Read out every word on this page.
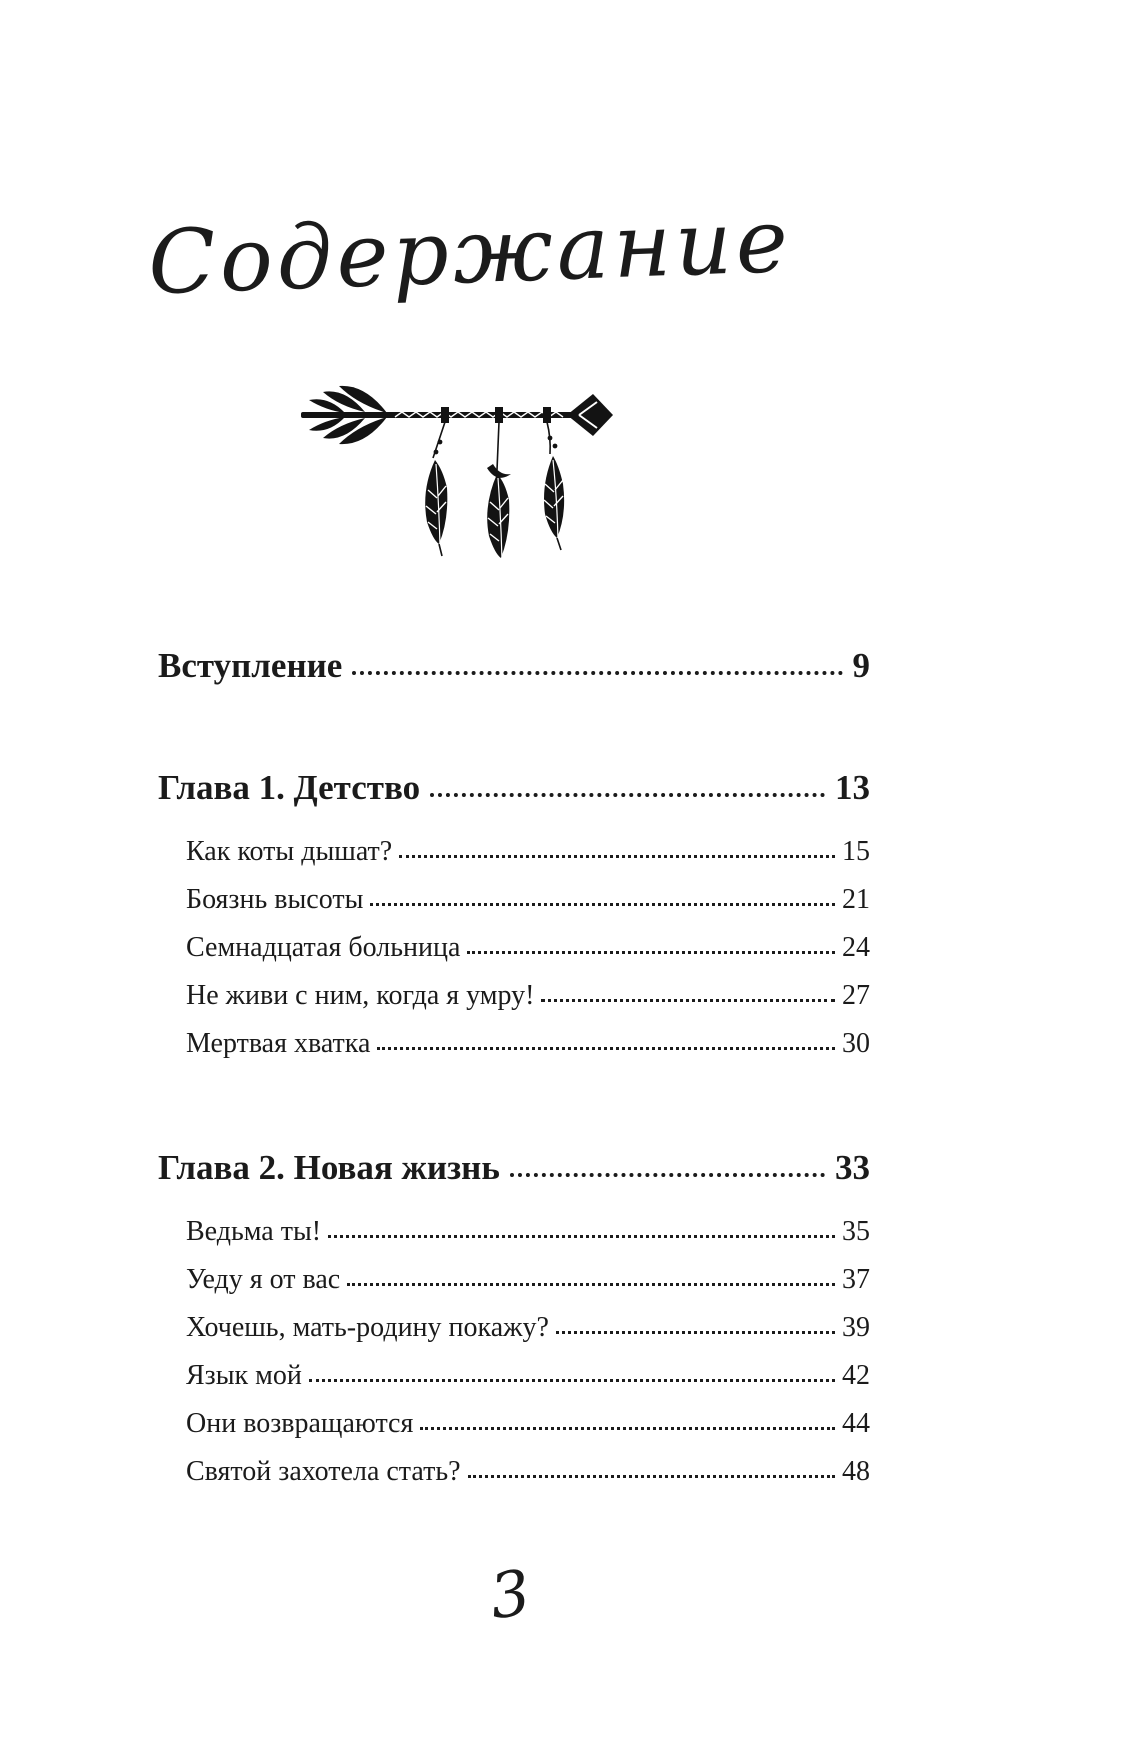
Содержание
Вступление	9
Глава 1. Детство	13
Как коты дышат?	15
Боязнь высоты	21
Семнадцатая больница	24
Не живи с ним, когда я умру!	27
Мертвая хватка	30
Глава 2. Новая жизнь	33
Ведьма ты!	35
Уеду я от вас	37
Хочешь, мать-родину покажу?	39
Язык мой	42
Они возвращаются	44
Святой захотела стать?	48
3
